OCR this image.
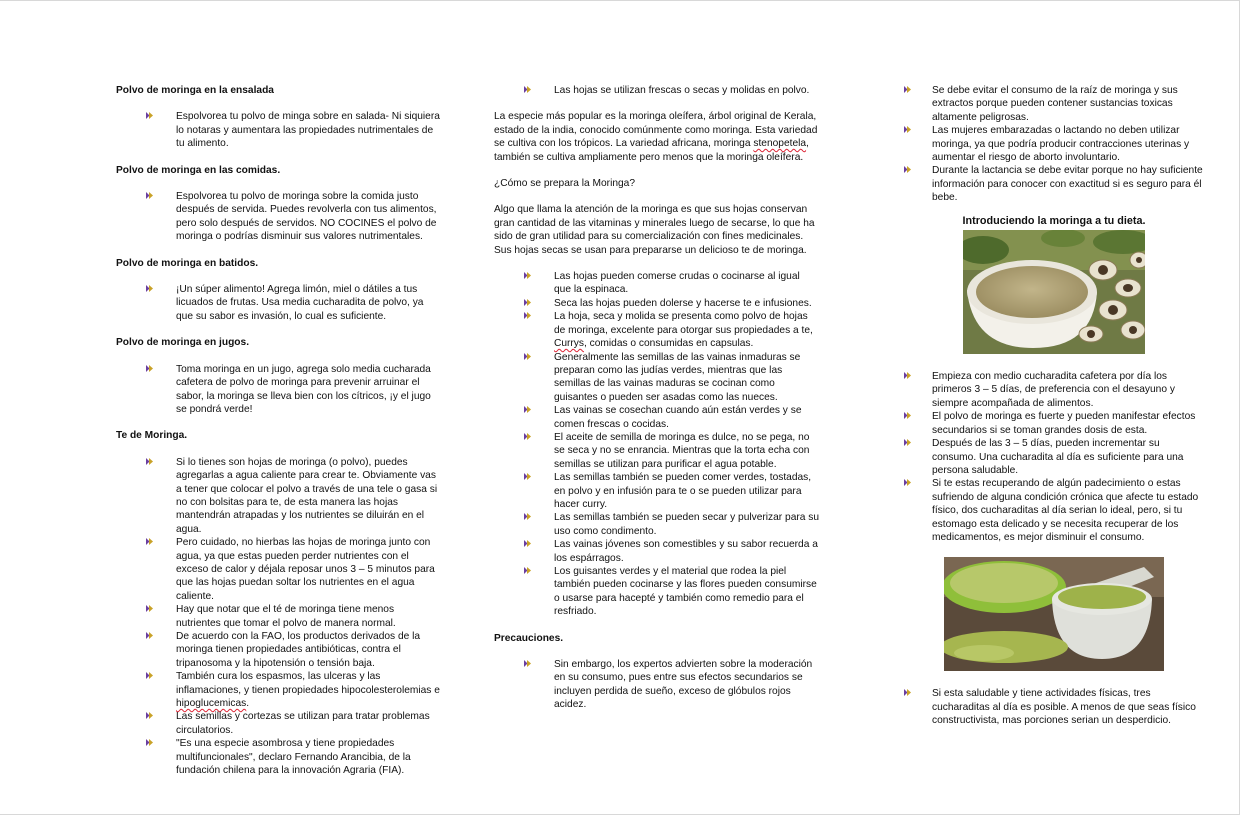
Polvo de moringa en la ensalada

Espolvorea tu polvo de minga sobre en salada- Ni siquiera lo notaras y aumentara las propiedades nutrimentales de tu alimento.

Polvo de moringa en las comidas.

Espolvorea tu polvo de moringa sobre la comida justo después de servida. Puedes revolverla con tus alimentos, pero solo después de servidos. NO COCINES el polvo de moringa o podrías disminuir sus valores nutrimentales.

Polvo de moringa en batidos.

¡Un súper alimento! Agrega limón, miel o dátiles a tus licuados de frutas. Usa media cucharadita de polvo, ya que su sabor es invasión, lo cual es suficiente.

Polvo de moringa en jugos.

Toma moringa en un jugo, agrega solo media cucharada cafetera de polvo de moringa para prevenir arruinar el sabor, la moringa se lleva bien con los cítricos, ¡y el jugo se pondrá verde!

Te de Moringa.

Si lo tienes son hojas de moringa (o polvo), puedes agregarlas a agua caliente para crear te. Obviamente vas a tener que colocar el polvo a través de una tele o gasa si no con bolsitas para te, de esta manera las hojas mantendrán atrapadas y los nutrientes se diluirán en el agua.
Pero cuidado, no hierbas las hojas de moringa junto con agua, ya que estas pueden perder nutrientes con el exceso de calor y déjala reposar unos 3 – 5 minutos para que las hojas puedan soltar los nutrientes en el agua caliente.
Hay que notar que el té de moringa tiene menos nutrientes que tomar el polvo de manera normal.
De acuerdo con la FAO, los productos derivados de la moringa tienen propiedades antibióticas, contra el tripanosoma y la hipotensión o tensión baja.
También cura los espasmos, las ulceras y las inflamaciones, y tienen propiedades hipocolesterolemias e hipoglucemicas.
Las semillas y cortezas se utilizan para tratar problemas circulatorios.
"Es una especie asombrosa y tiene propiedades multifuncionales", declaro Fernando Arancibia, de la fundación chilena para la innovación Agraria (FIA).
Las hojas se utilizan frescas o secas y molidas en polvo.

La especie más popular es la moringa oleífera, árbol original de Kerala, estado de la india, conocido comúnmente como moringa. Esta variedad se cultiva con los trópicos. La variedad africana, moringa stenopetela, también se cultiva ampliamente pero menos que la moringa oleífera.

¿Cómo se prepara la Moringa?

Algo que llama la atención de la moringa es que sus hojas conservan gran cantidad de las vitaminas y minerales luego de secarse, lo que ha sido de gran utilidad para su comercialización con fines medicinales. Sus hojas secas se usan para prepararse un delicioso te de moringa.

Las hojas pueden comerse crudas o cocinarse al igual que la espinaca.
Seca las hojas pueden dolerse y hacerse te e infusiones.
La hoja, seca y molida se presenta como polvo de hojas de moringa, excelente para otorgar sus propiedades a te, Currys, comidas o consumidas en capsulas.
Generalmente las semillas de las vainas inmaduras se preparan como las judías verdes, mientras que las semillas de las vainas maduras se cocinan como guisantes o pueden ser asadas como las nueces.
Las vainas se cosechan cuando aún están verdes y se comen frescas o cocidas.
El aceite de semilla de moringa es dulce, no se pega, no se seca y no se enrancia. Mientras que la torta echa con semillas se utilizan para purificar el agua potable.
Las semillas también se pueden comer verdes, tostadas, en polvo y en infusión para te o se pueden utilizar para hacer curry.
Las semillas también se pueden secar y pulverizar para su uso como condimento.
Las vainas jóvenes son comestibles y su sabor recuerda a los espárragos.
Los guisantes verdes y el material que rodea la piel también pueden cocinarse y las flores pueden consumirse o usarse para haceрté y también como remedio para el resfriado.

Precauciones.

Sin embargo, los expertos advierten sobre la moderación en su consumo, pues entre sus efectos secundarios se incluyen perdida de sueño, exceso de glóbulos rojos acidez.
Se debe evitar el consumo de la raíz de moringa y sus extractos porque pueden contener sustancias toxicas altamente peligrosas.
Las mujeres embarazadas o lactando no deben utilizar moringa, ya que podría producir contracciones uterinas y aumentar el riesgo de aborto involuntario.
Durante la lactancia se debe evitar porque no hay suficiente información para conocer con exactitud si es seguro para él bebe.

Introduciendo la moringa a tu dieta.

Empieza con medio cucharadita cafetera por día los primeros 3 – 5 días, de preferencia con el desayuno y siempre acompañada de alimentos.
El polvo de moringa es fuerte y pueden manifestar efectos secundarios si se toman grandes dosis de esta.
Después de las 3 – 5 días, pueden incrementar su consumo. Una cucharadita al día es suficiente para una persona saludable.
Si te estas recuperando de algún padecimiento o estas sufriendo de alguna condición crónica que afecte tu estado físico, dos cucharaditas al día serian lo ideal, pero, si tu estomago esta delicado y se necesita recuperar de los medicamentos, es mejor disminuir el consumo.
Si esta saludable y tiene actividades físicas, tres cucharaditas al día es posible. A menos de que seas físico constructivista, mas porciones serian un desperdicio.
